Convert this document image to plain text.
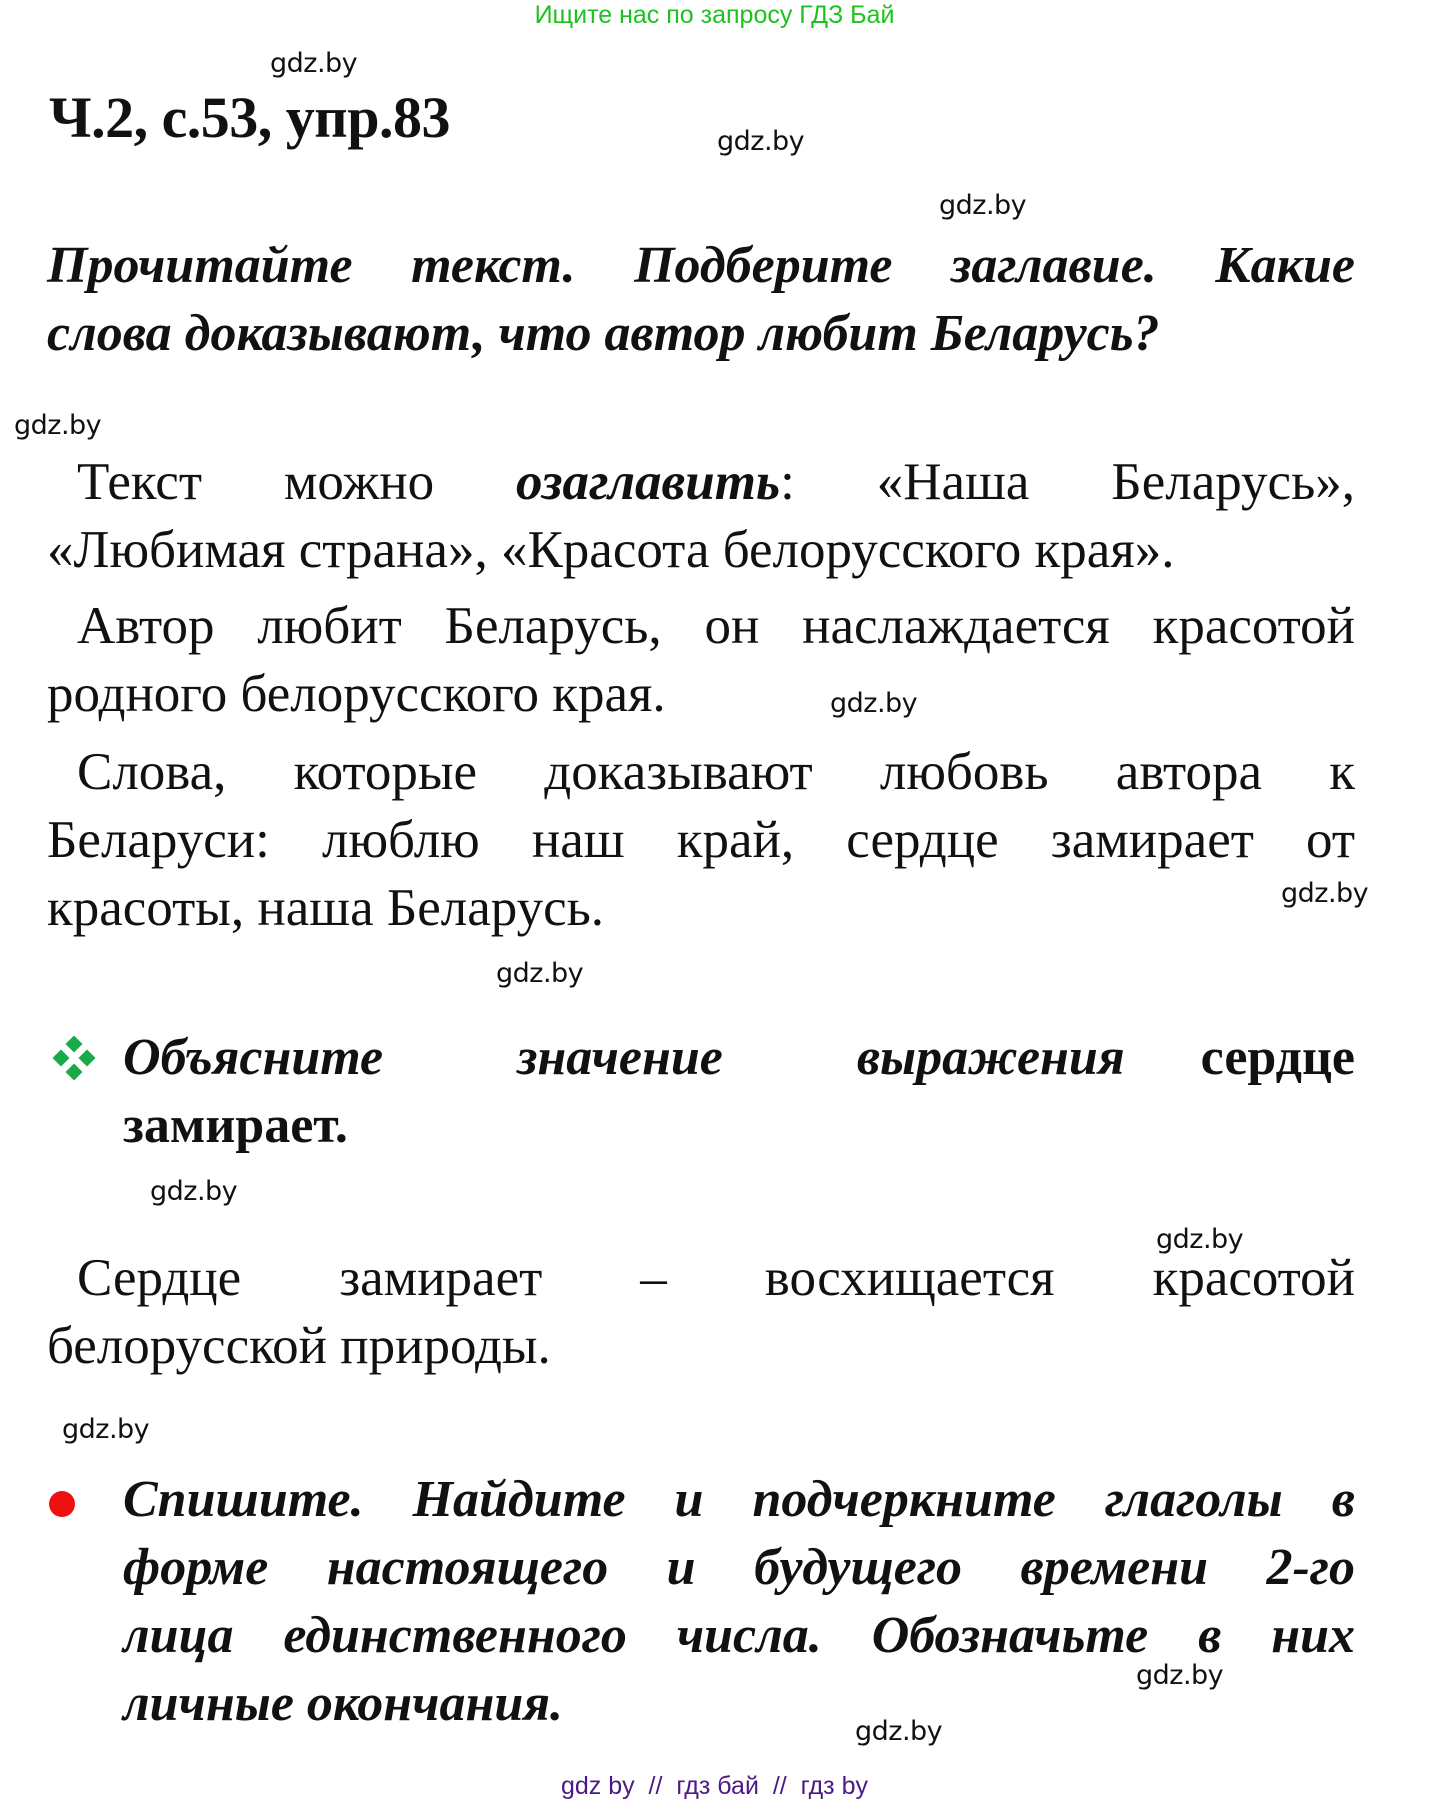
Ищите нас по запросу ГДЗ Бай
gdz.by
gdz.by
gdz.by
gdz.by
gdz.by
gdz.by
gdz.by
gdz.by
gdz.by
gdz.by
gdz.by
gdz.by
Ч.2, с.53, упр.83
Прочитайте текст. Подберите заглавие. Какие
слова доказывают, что автор любит Беларусь?
Текст можно озаглавить: «Наша Беларусь»,
«Любимая страна», «Красота белорусского края».
Автор любит Беларусь, он наслаждается красотой
родного белорусского края.
Слова, которые доказывают любовь автора к
Беларуси: люблю наш край, сердце замирает от
красоты, наша Беларусь.
Объясните значение выражения сердце
замирает.
Сердце замирает – восхищается красотой
белорусской природы.
Спишите. Найдите и подчеркните глаголы в
форме настоящего и будущего времени 2-го
лица единственного числа. Обозначьте в них
личные окончания.
gdz by  //  гдз бай  //  гдз by
